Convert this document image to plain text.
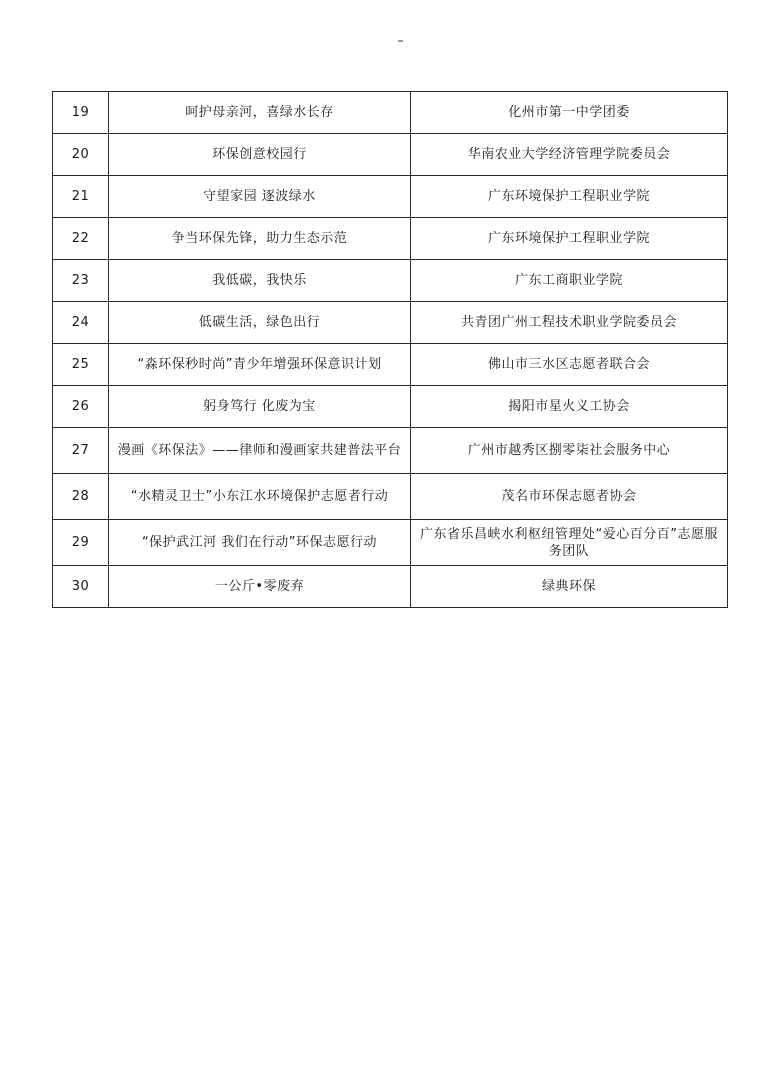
19	呵护母亲河，喜绿水长存	化州市第一中学团委
20	环保创意校园行	华南农业大学经济管理学院委员会
21	守望家园 逐波绿水	广东环境保护工程职业学院
22	争当环保先锋，助力生态示范	广东环境保护工程职业学院
23	我低碳，我快乐	广东工商职业学院
24	低碳生活，绿色出行	共青团广州工程技术职业学院委员会
25	“淼环保秒时尚”青少年增强环保意识计划	佛山市三水区志愿者联合会
26	躬身笃行 化废为宝	揭阳市星火义工协会
27	漫画《环保法》——律师和漫画家共建普法平台	广州市越秀区捌零柒社会服务中心
28	“水精灵卫士”小东江水环境保护志愿者行动	茂名市环保志愿者协会
29	“保护武江河 我们在行动”环保志愿行动	广东省乐昌峡水利枢纽管理处“爱心百分百”志愿服务团队
30	一公斤•零废弃	绿典环保
